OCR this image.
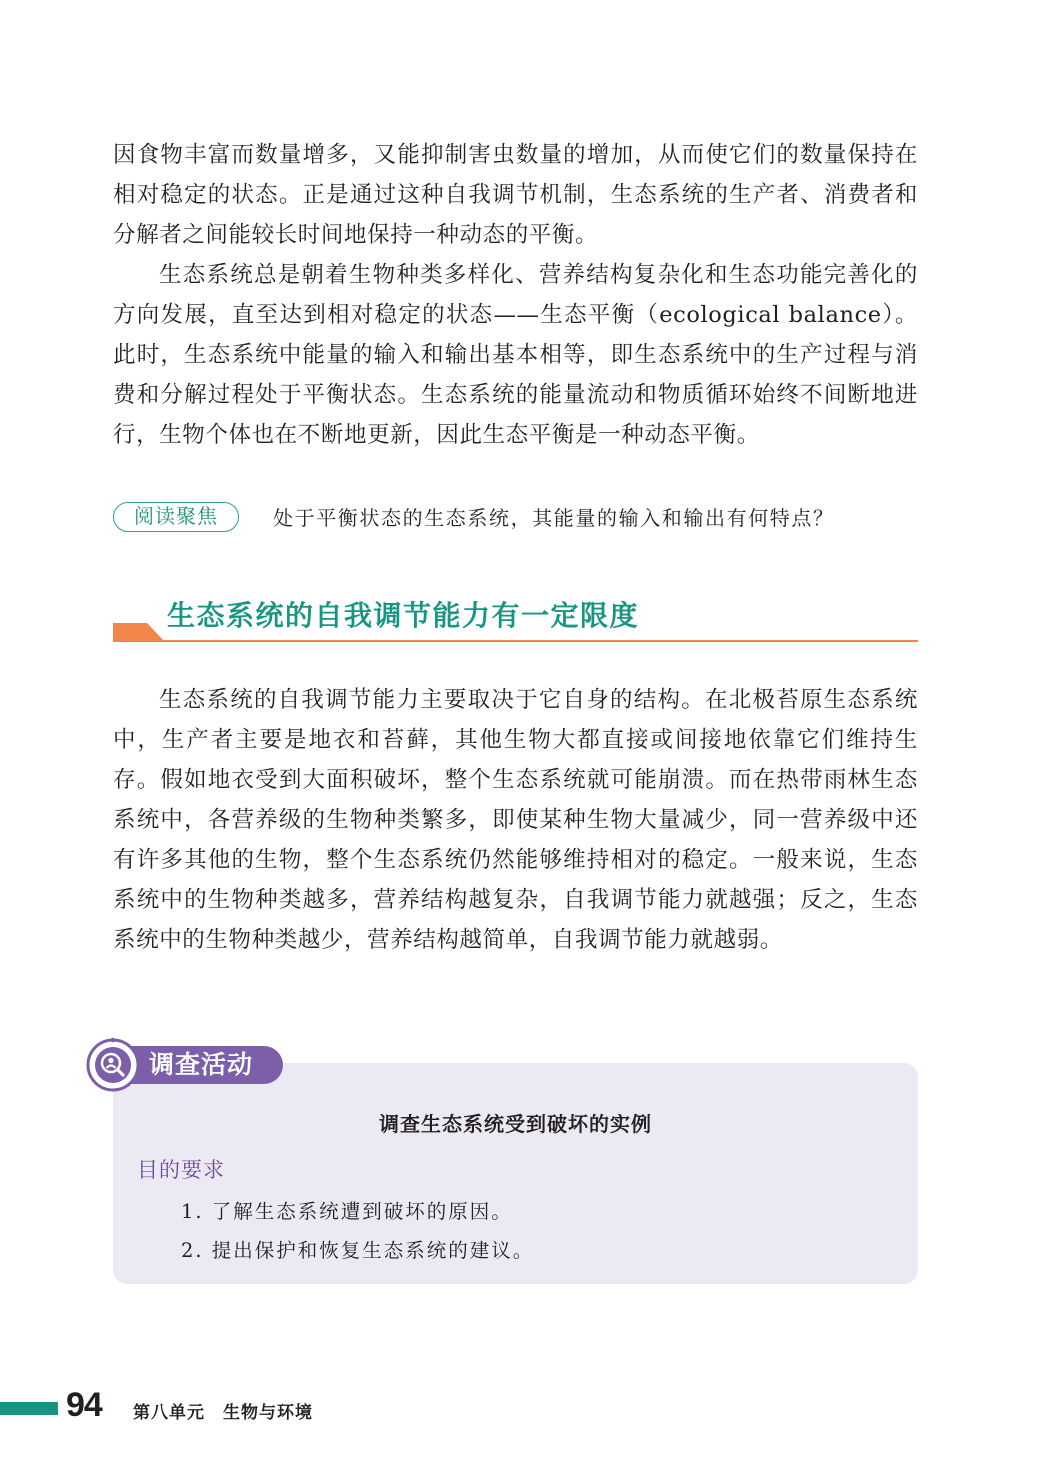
因食物丰富而数量增多，又能抑制害虫数量的增加，从而使它们的数量保持在相对稳定的状态。正是通过这种自我调节机制，生态系统的生产者、消费者和分解者之间能较长时间地保持一种动态的平衡。

生态系统总是朝着生物种类多样化、营养结构复杂化和生态功能完善化的方向发展，直至达到相对稳定的状态——生态平衡（ecological balance）。此时，生态系统中能量的输入和输出基本相等，即生态系统中的生产过程与消费和分解过程处于平衡状态。生态系统的能量流动和物质循环始终不间断地进行，生物个体也在不断地更新，因此生态平衡是一种动态平衡。

阅读聚焦	处于平衡状态的生态系统，其能量的输入和输出有何特点？
生态系统的自我调节能力有一定限度

生态系统的自我调节能力主要取决于它自身的结构。在北极苔原生态系统中，生产者主要是地衣和苔藓，其他生物大都直接或间接地依靠它们维持生存。假如地衣受到大面积破坏，整个生态系统就可能崩溃。而在热带雨林生态系统中，各营养级的生物种类繁多，即使某种生物大量减少，同一营养级中还有许多其他的生物，整个生态系统仍然能够维持相对的稳定。一般来说，生态系统中的生物种类越多，营养结构越复杂，自我调节能力就越强；反之，生态系统中的生物种类越少，营养结构越简单，自我调节能力就越弱。

调查活动
调查生态系统受到破坏的实例
目的要求
1. 了解生态系统遭到破坏的原因。
2. 提出保护和恢复生态系统的建议。
94 第八单元　生物与环境
